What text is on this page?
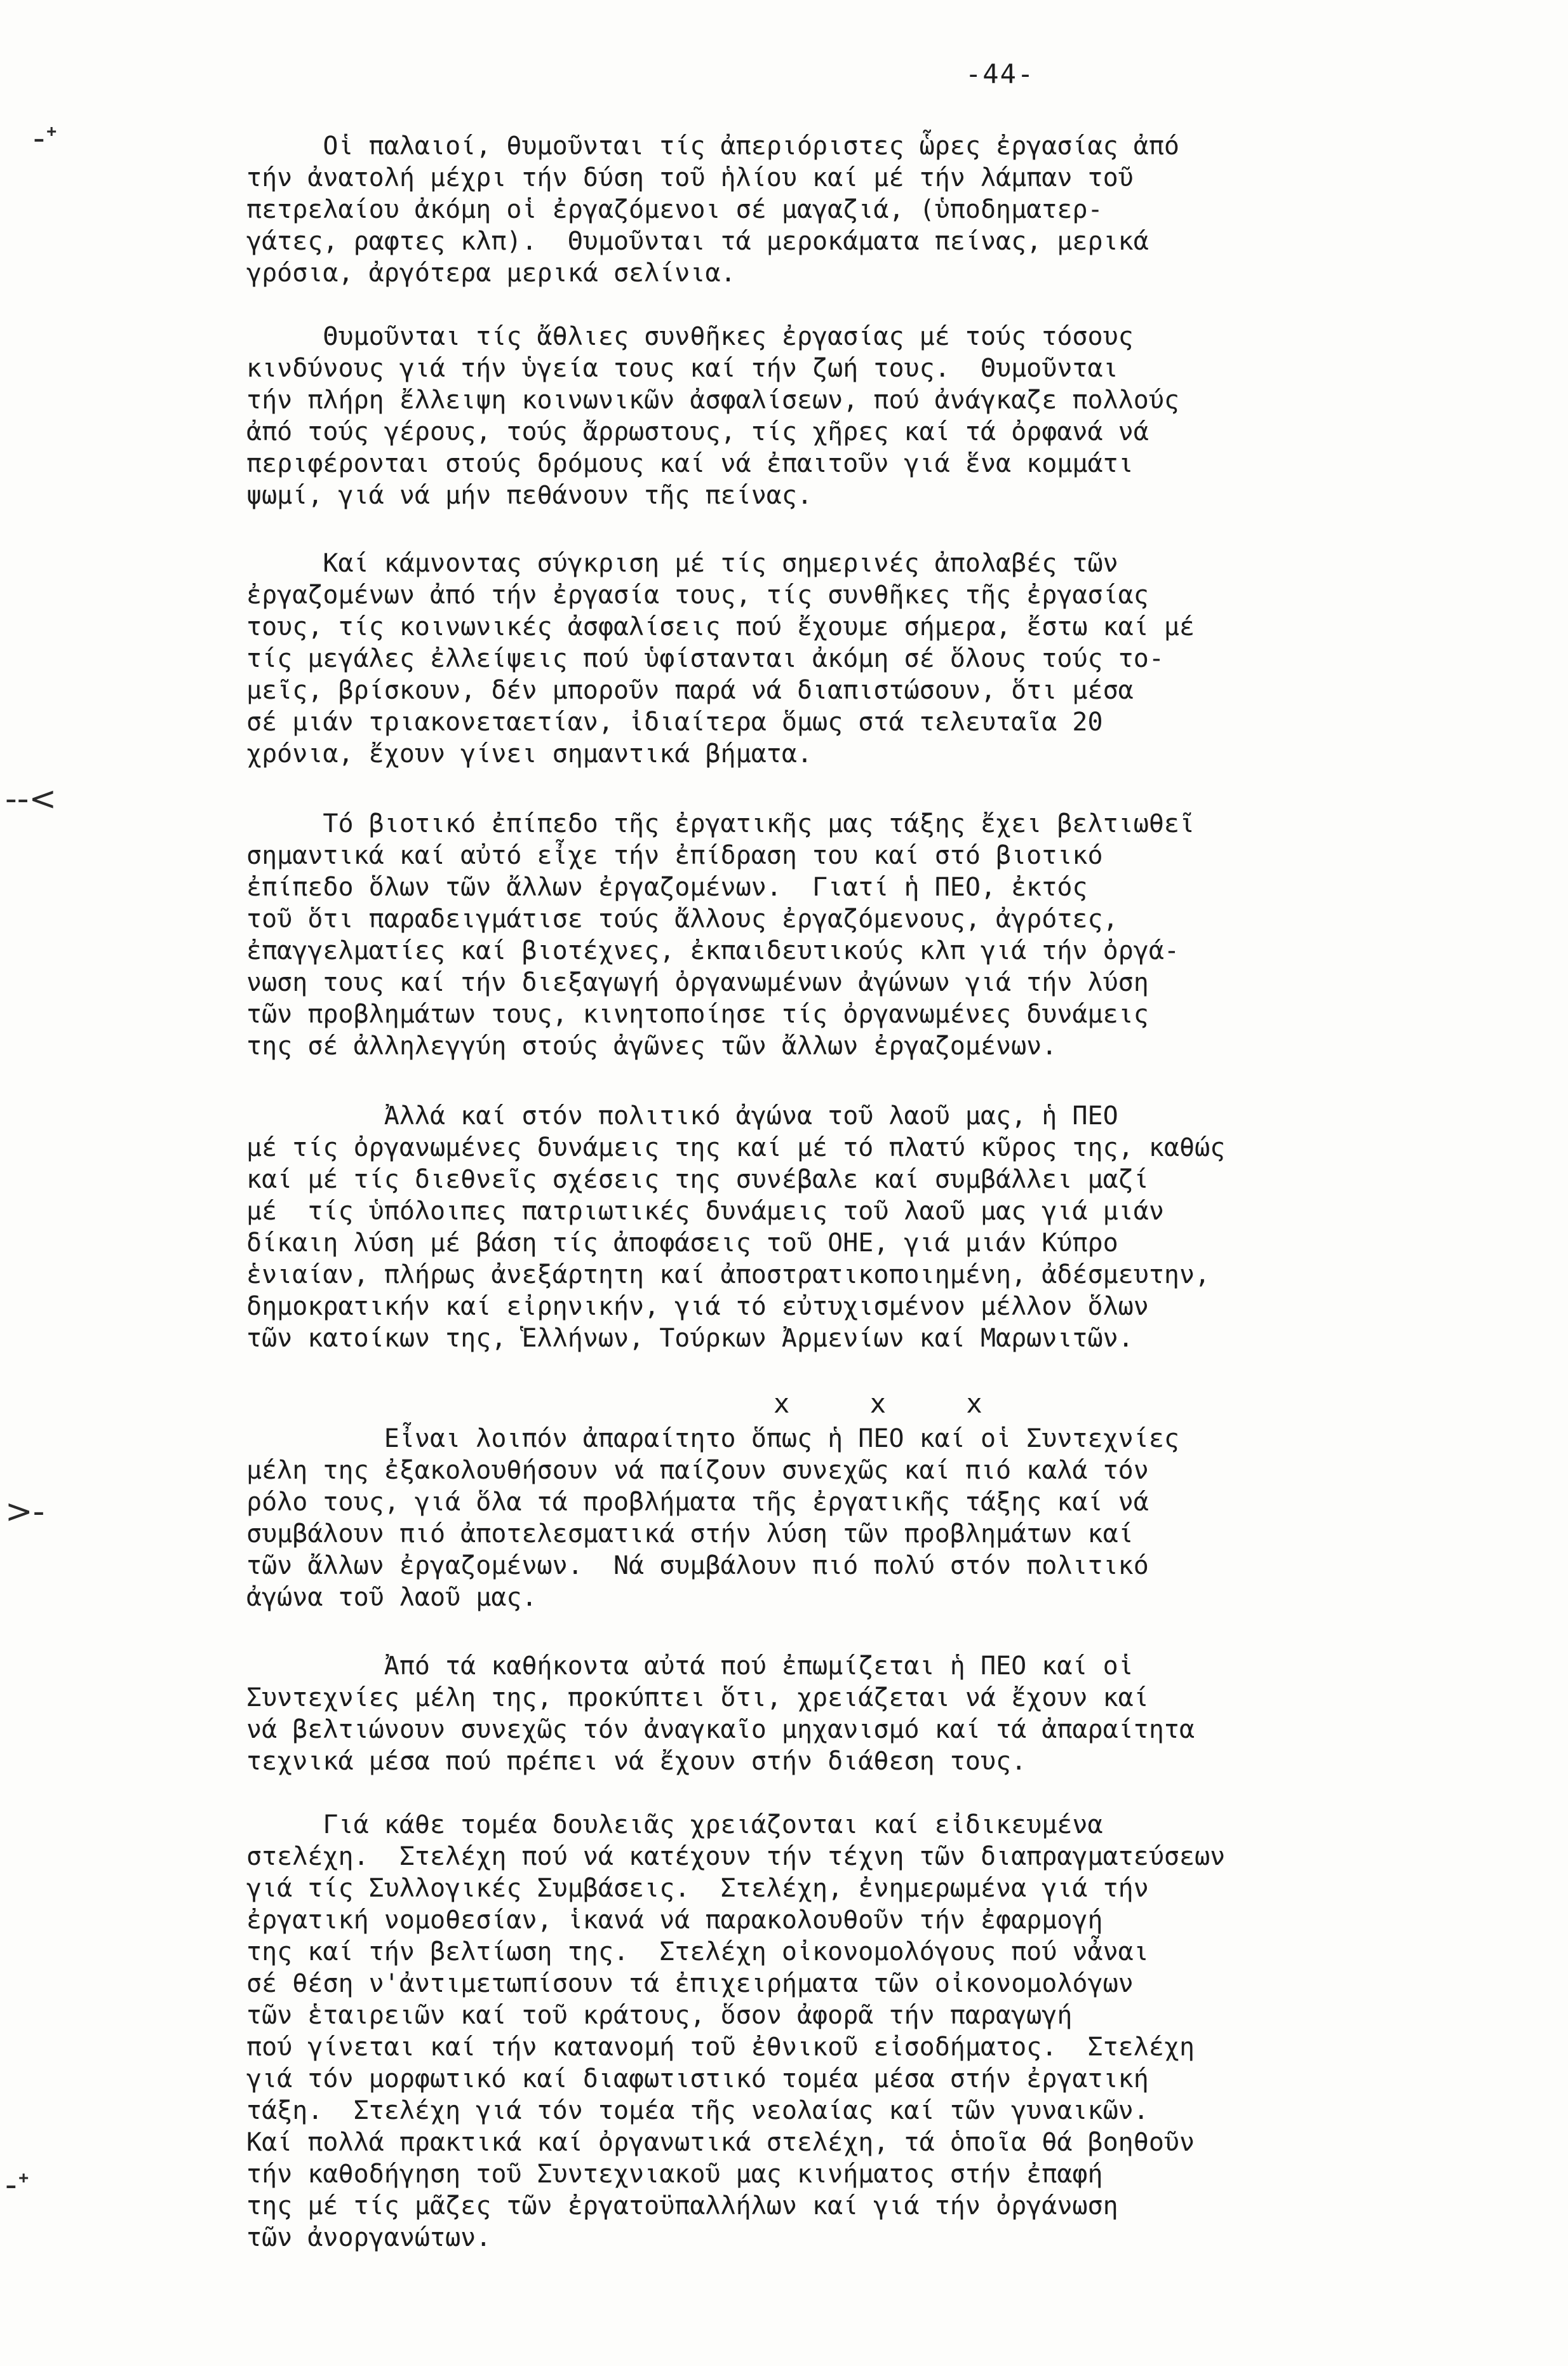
-44-
‑ᐩ
‑‑<
>‑
‑ᐩ
Οἱ παλαιοί, θυμοῦνται τίς ἀπεριόριστες ὧρες ἐργασίας ἀπό
τήν ἀνατολή μέχρι τήν δύση τοῦ ἡλίου καί μέ τήν λάμπαν τοῦ
πετρελαίου ἀκόμη οἱ ἐργαζόμενοι σέ μαγαζιά, (ὑποδηματερ-
γάτες, ραφτες κλπ).  Θυμοῦνται τά μεροκάματα πείνας, μερικά
γρόσια, ἀργότερα μερικά σελίνια.
Θυμοῦνται τίς ἄθλιες συνθῆκες ἐργασίας μέ τούς τόσους
κινδύνους γιά τήν ὑγεία τους καί τήν ζωή τους.  Θυμοῦνται
τήν πλήρη ἔλλειψη κοινωνικῶν ἀσφαλίσεων, πού ἀνάγκαζε πολλούς
ἀπό τούς γέρους, τούς ἄρρωστους, τίς χῆρες καί τά ὀρφανά νά
περιφέρονται στούς δρόμους καί νά ἐπαιτοῦν γιά ἕνα κομμάτι
ψωμί, γιά νά μήν πεθάνουν τῆς πείνας.
Καί κάμνοντας σύγκριση μέ τίς σημερινές ἀπολαβές τῶν
ἐργαζομένων ἀπό τήν ἐργασία τους, τίς συνθῆκες τῆς ἐργασίας
τους, τίς κοινωνικές ἀσφαλίσεις πού ἔχουμε σήμερα, ἔστω καί μέ
τίς μεγάλες ἐλλείψεις πού ὑφίστανται ἀκόμη σέ ὅλους τούς το-
μεῖς, βρίσκουν, δέν μποροῦν παρά νά διαπιστώσουν, ὅτι μέσα
σέ μιάν τριακονεταετίαν, ἰδιαίτερα ὅμως στά τελευταῖα 20
χρόνια, ἔχουν γίνει σημαντικά βήματα.
Τό βιοτικό ἐπίπεδο τῆς ἐργατικῆς μας τάξης ἔχει βελτιωθεῖ
σημαντικά καί αὐτό εἶχε τήν ἐπίδραση του καί στό βιοτικό
ἐπίπεδο ὅλων τῶν ἄλλων ἐργαζομένων.  Γιατί ἡ ΠΕΟ, ἐκτός
τοῦ ὅτι παραδειγμάτισε τούς ἄλλους ἐργαζόμενους, ἀγρότες,
ἐπαγγελματίες καί βιοτέχνες, ἐκπαιδευτικούς κλπ γιά τήν ὀργά-
νωση τους καί τήν διεξαγωγή ὀργανωμένων ἀγώνων γιά τήν λύση
τῶν προβλημάτων τους, κινητοποίησε τίς ὀργανωμένες δυνάμεις
της σέ ἀλληλεγγύη στούς ἀγῶνες τῶν ἄλλων ἐργαζομένων.
Ἀλλά καί στόν πολιτικό ἀγώνα τοῦ λαοῦ μας, ἡ ΠΕΟ
μέ τίς ὀργανωμένες δυνάμεις της καί μέ τό πλατύ κῦρος της, καθώς
καί μέ τίς διεθνεῖς σχέσεις της συνέβαλε καί συμβάλλει μαζί
μέ  τίς ὑπόλοιπες πατριωτικές δυνάμεις τοῦ λαοῦ μας γιά μιάν
δίκαιη λύση μέ βάση τίς ἀποφάσεις τοῦ ΟΗΕ, γιά μιάν Κύπρο
ἑνιαίαν, πλήρως ἀνεξάρτητη καί ἀποστρατικοποιημένη, ἀδέσμευτην,
δημοκρατικήν καί εἰρηνικήν, γιά τό εὐτυχισμένον μέλλον ὅλων
τῶν κατοίκων της, Ἑλλήνων, Τούρκων Ἀρμενίων καί Μαρωνιτῶν.
x     x     x
Εἶναι λοιπόν ἀπαραίτητο ὅπως ἡ ΠΕΟ καί οἱ Συντεχνίες
μέλη της ἐξακολουθήσουν νά παίζουν συνεχῶς καί πιό καλά τόν
ρόλο τους, γιά ὅλα τά προβλήματα τῆς ἐργατικῆς τάξης καί νά
συμβάλουν πιό ἀποτελεσματικά στήν λύση τῶν προβλημάτων καί
τῶν ἄλλων ἐργαζομένων.  Νά συμβάλουν πιό πολύ στόν πολιτικό
ἀγώνα τοῦ λαοῦ μας.
Ἀπό τά καθήκοντα αὐτά πού ἐπωμίζεται ἡ ΠΕΟ καί οἱ
Συντεχνίες μέλη της, προκύπτει ὅτι, χρειάζεται νά ἔχουν καί
νά βελτιώνουν συνεχῶς τόν ἀναγκαῖο μηχανισμό καί τά ἀπαραίτητα
τεχνικά μέσα πού πρέπει νά ἔχουν στήν διάθεση τους.
Γιά κάθε τομέα δουλειᾶς χρειάζονται καί εἰδικευμένα
στελέχη.  Στελέχη πού νά κατέχουν τήν τέχνη τῶν διαπραγματεύσεων
γιά τίς Συλλογικές Συμβάσεις.  Στελέχη, ἐνημερωμένα γιά τήν
ἐργατική νομοθεσίαν, ἱκανά νά παρακολουθοῦν τήν ἐφαρμογή
της καί τήν βελτίωση της.  Στελέχη οἰκονομολόγους πού νἆναι
σέ θέση ν'ἀντιμετωπίσουν τά ἐπιχειρήματα τῶν οἰκονομολόγων
τῶν ἑταιρειῶν καί τοῦ κράτους, ὅσον ἀφορᾶ τήν παραγωγή
πού γίνεται καί τήν κατανομή τοῦ ἐθνικοῦ εἰσοδήματος.  Στελέχη
γιά τόν μορφωτικό καί διαφωτιστικό τομέα μέσα στήν ἐργατική
τάξη.  Στελέχη γιά τόν τομέα τῆς νεολαίας καί τῶν γυναικῶν.
Καί πολλά πρακτικά καί ὀργανωτικά στελέχη, τά ὁποῖα θά βοηθοῦν
τήν καθοδήγηση τοῦ Συντεχνιακοῦ μας κινήματος στήν ἐπαφή
της μέ τίς μᾶζες τῶν ἐργατοϋπαλλήλων καί γιά τήν ὀργάνωση
τῶν ἀνοργανώτων.
